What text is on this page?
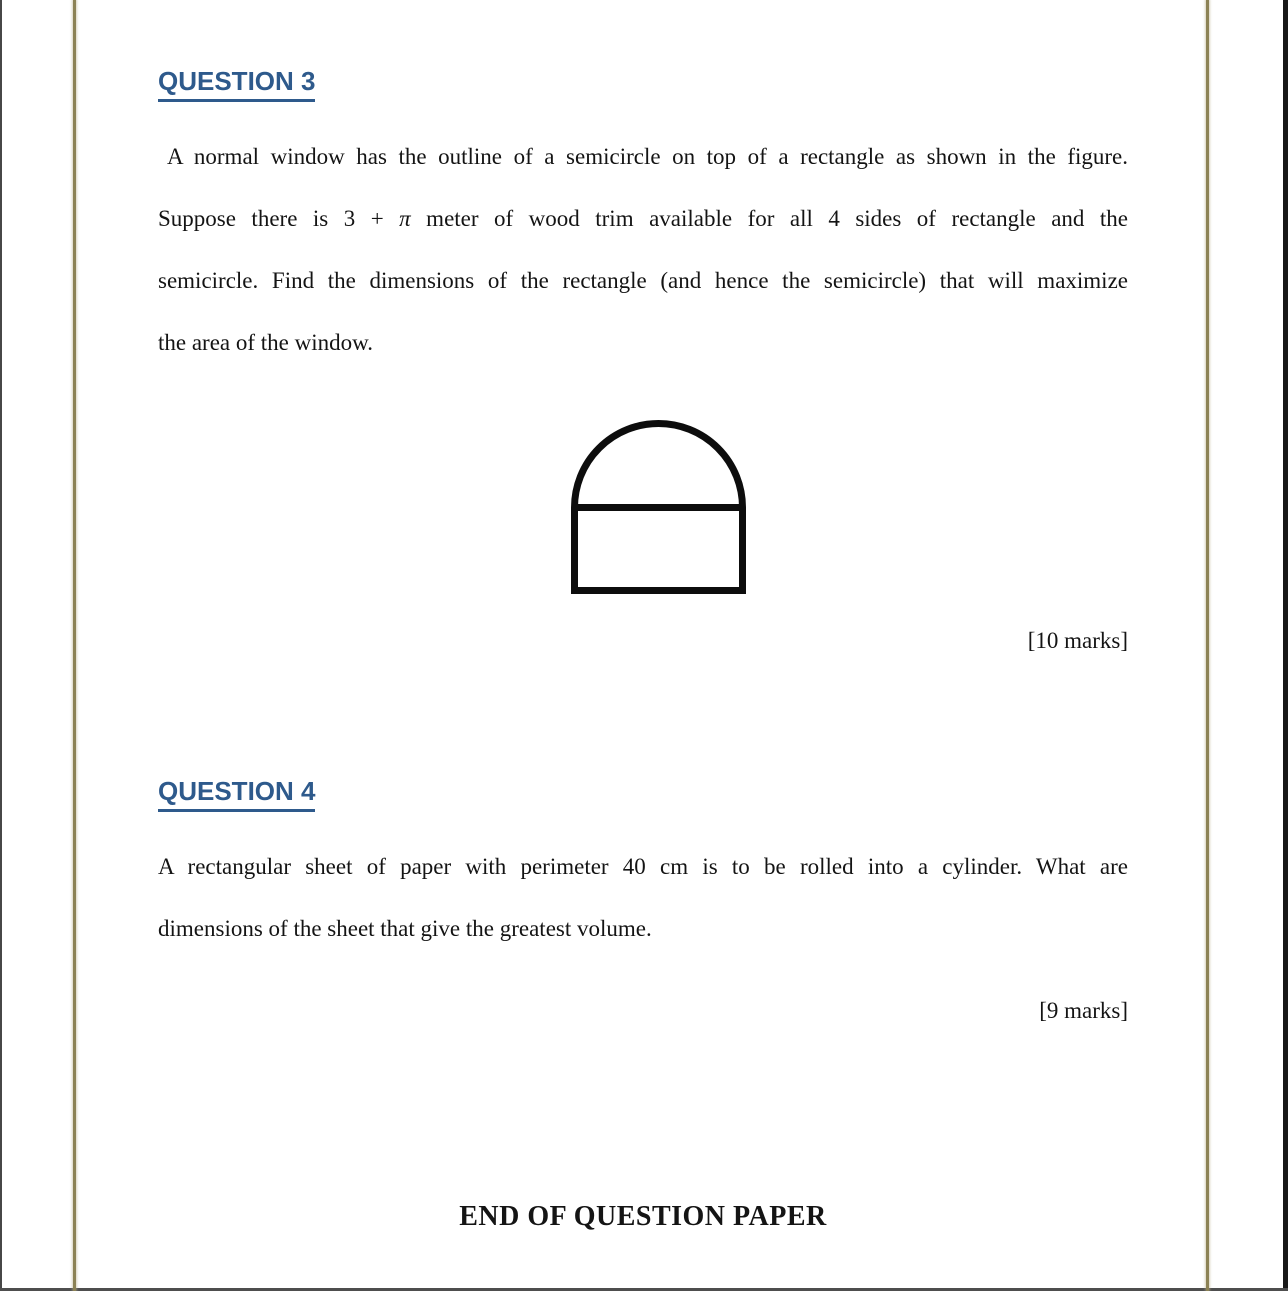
QUESTION 3
A normal window has the outline of a semicircle on top of a rectangle as shown in the figure.
Suppose there is 3 + π meter of wood trim available for all 4 sides of rectangle and the
semicircle. Find the dimensions of the rectangle (and hence the semicircle) that will maximize
the area of the window.
[10 marks]
QUESTION 4
A rectangular sheet of paper with perimeter 40 cm is to be rolled into a cylinder. What are
dimensions of the sheet that give the greatest volume.
[9 marks]
END OF QUESTION PAPER
